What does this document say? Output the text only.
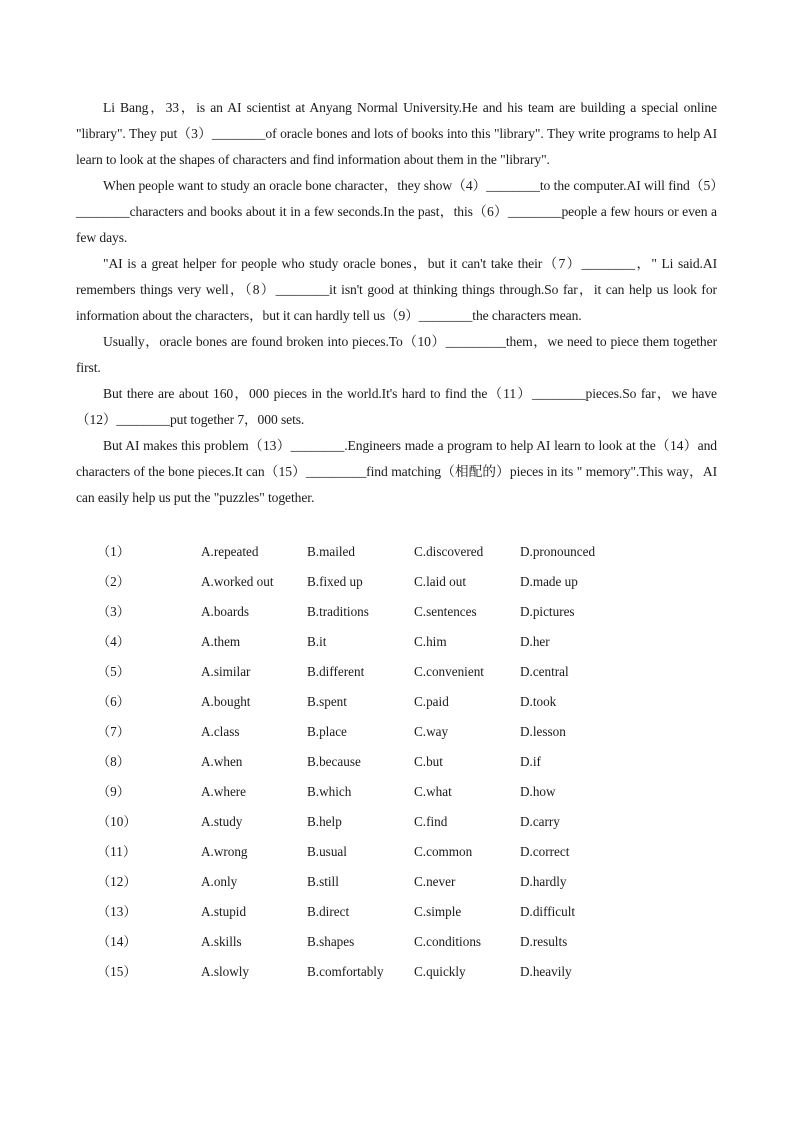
Li Bang，33，is an AI scientist at Anyang Normal University.He and his team are building a special online "library". They put（3）________of oracle bones and lots of books into this "library". They write programs to help AI learn to look at the shapes of characters and find information about them in the "library".

When people want to study an oracle bone character，they show（4）________to the computer.AI will find（5）________characters and books about it in a few seconds.In the past，this（6）________people a few hours or even a few days.

"AI is a great helper for people who study oracle bones，but it can't take their（7）________，" Li said.AI remembers things very well，（8）________it isn't good at thinking things through.So far，it can help us look for information about the characters，but it can hardly tell us（9）________the characters mean.

Usually，oracle bones are found broken into pieces.To（10）_________them，we need to piece them together first.

But there are about 160，000 pieces in the world.It's hard to find the（11）________pieces.So far，we have（12）________put together 7，000 sets.

But AI makes this problem（13）________.Engineers made a program to help AI learn to look at the（14）and characters of the bone pieces.It can（15）_________find matching（相配的）pieces in its " memory".This way，AI can easily help us put the "puzzles" together.

（1）	A.repeated	B.mailed	C.discovered	D.pronounced
（2）	A.worked out	B.fixed up	C.laid out	D.made up
（3）	A.boards	B.traditions	C.sentences	D.pictures
（4）	A.them	B.it	C.him	D.her
（5）	A.similar	B.different	C.convenient	D.central
（6）	A.bought	B.spent	C.paid	D.took
（7）	A.class	B.place	C.way	D.lesson
（8）	A.when	B.because	C.but	D.if
（9）	A.where	B.which	C.what	D.how
（10）	A.study	B.help	C.find	D.carry
（11）	A.wrong	B.usual	C.common	D.correct
（12）	A.only	B.still	C.never	D.hardly
（13）	A.stupid	B.direct	C.simple	D.difficult
（14）	A.skills	B.shapes	C.conditions	D.results
（15）	A.slowly	B.comfortably C.quickly	D.heavily
